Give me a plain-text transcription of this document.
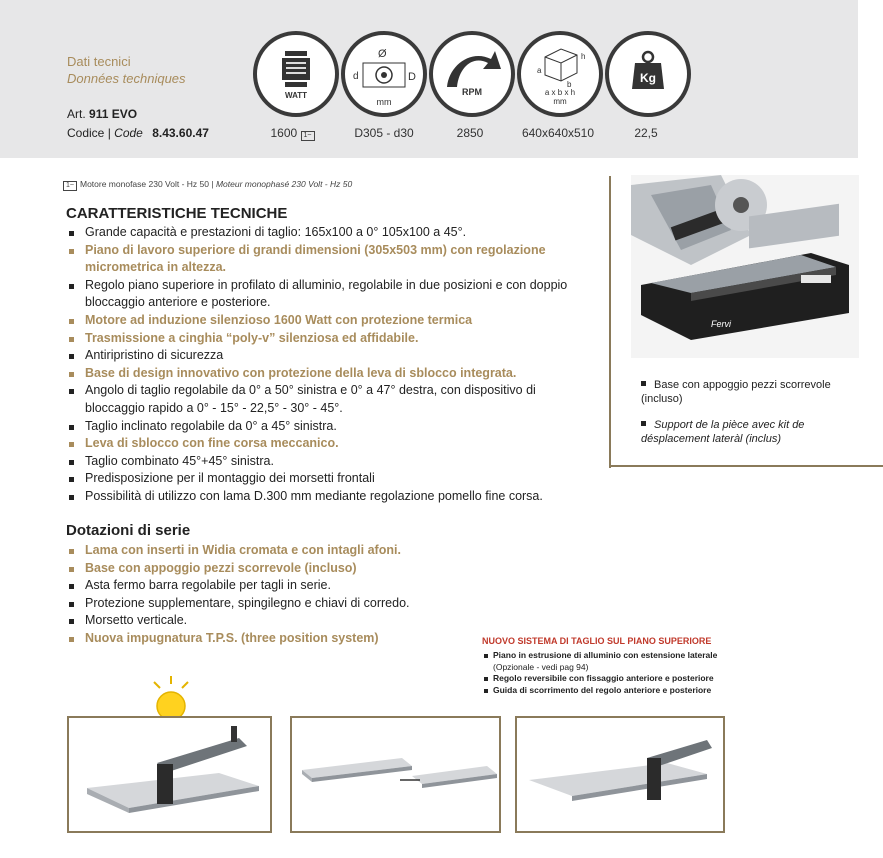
Dati tecnici
Données techniques
Art. 911 EVO
Codice | Code 8.43.60.47
WATT
Ø
d	D
mm
RPM
a
b
h
a x b x h
mm
Kg
1600 1~	D305 - d30	2850	640x640x510	22,5
1~ Motore monofase 230 Volt - Hz 50 | Moteur monophasé 230 Volt - Hz 50
CARATTERISTICHE TECNICHE
Grande capacità e prestazioni di taglio: 165x100 a 0° 105x100 a 45°.
Piano di lavoro superiore di grandi dimensioni (305x503 mm) con regolazione micrometrica in altezza.
Regolo piano superiore in profilato di alluminio, regolabile in due posizioni e con doppio bloccaggio anteriore e posteriore.
Motore ad induzione silenzioso 1600 Watt con protezione termica
Trasmissione a cinghia “poly-v” silenziosa ed affidabile.
Antiripristino di sicurezza
Base di design innovativo con protezione della leva di sblocco integrata.
Angolo di taglio regolabile da 0° a 50° sinistra e 0° a 47° destra, con dispositivo di bloccaggio rapido a 0° - 15° - 22,5° - 30° - 45°.
Taglio inclinato regolabile da 0° a 45° sinistra.
Leva di sblocco con fine corsa meccanico.
Taglio combinato 45°+45° sinistra.
Predisposizione per il montaggio dei morsetti frontali
Possibilità di utilizzo con lama D.300 mm mediante regolazione pomello fine corsa.
Dotazioni di serie
Lama con inserti in Widia cromata e con intagli afoni.
Base con appoggio pezzi scorrevole (incluso)
Asta fermo barra regolabile per tagli in serie.
Protezione supplementare, spingilegno e chiavi di corredo.
Morsetto verticale.
Nuova impugnatura T.P.S. (three position system)
Fervi
Base con appoggio pezzi scorrevole (incluso)
Support de la pièce avec kit de désplacement lateràl (inclus)
NUOVO SISTEMA DI TAGLIO SUL PIANO SUPERIORE
Piano in estrusione di alluminio con estensione laterale
(Opzionale - vedi pag 94)
Regolo reversibile con fissaggio anteriore e posteriore
Guida di scorrimento del regolo anteriore e posteriore
